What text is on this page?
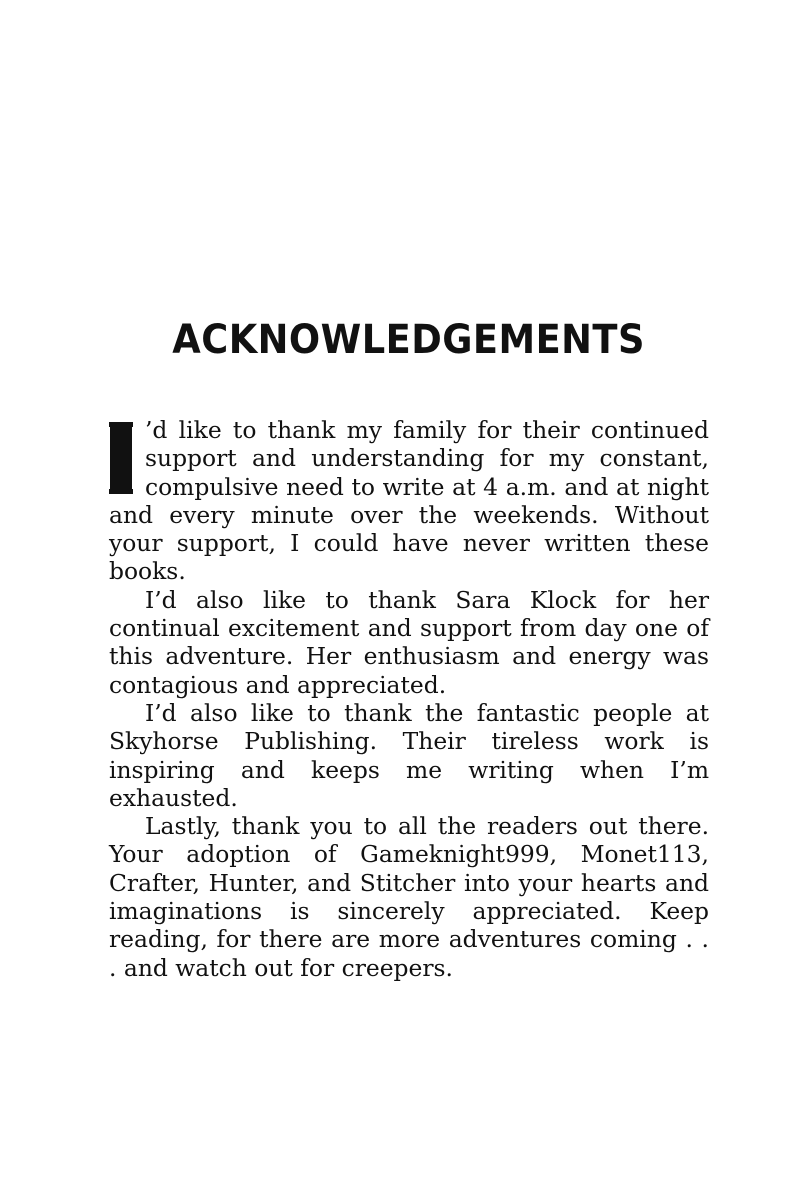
ACKNOWLEDGEMENTS

’d like to thank my family for their continued support and understanding for my constant, compulsive need to write at 4 a.m. and at night and every minute over the weekends. Without your support, I could have never written these books.

I’d also like to thank Sara Klock for her continual excitement and support from day one of this adventure. Her enthusiasm and energy was contagious and appreciated.

I’d also like to thank the fantastic people at Skyhorse Publishing. Their tireless work is inspiring and keeps me writing when I’m exhausted.

Lastly, thank you to all the readers out there. Your adoption of Gameknight999, Monet113, Crafter, Hunter, and Stitcher into your hearts and imaginations is sincerely appreciated. Keep reading, for there are more adventures coming . . . and watch out for creepers.
